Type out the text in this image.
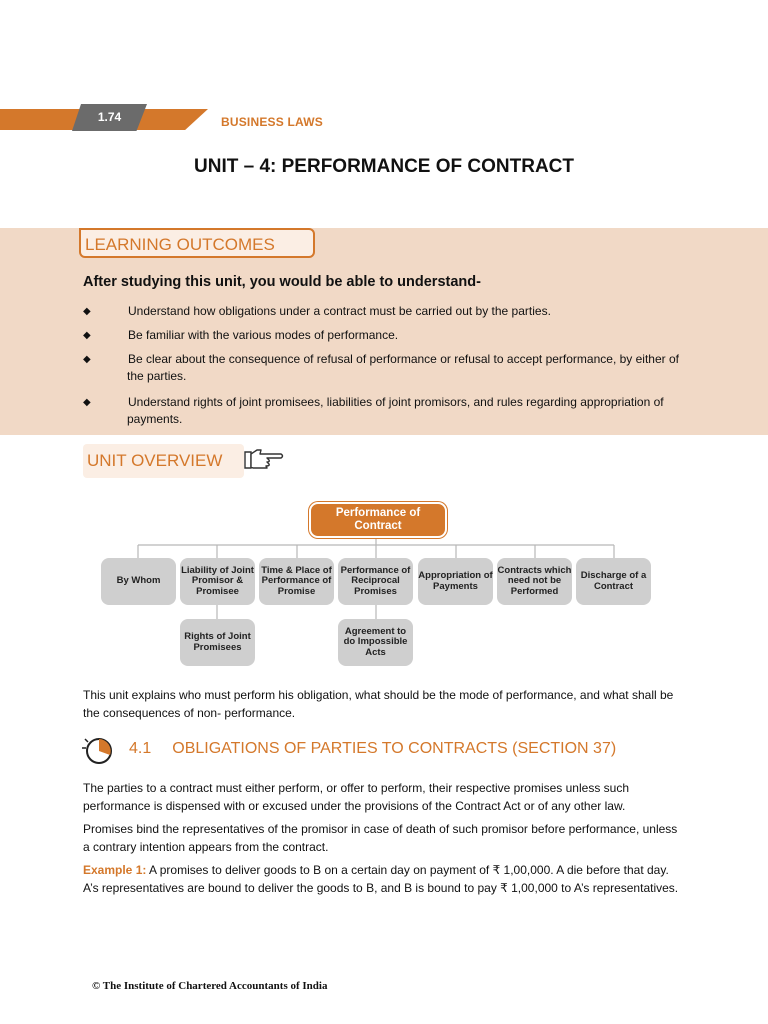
1.74	BUSINESS LAWS
UNIT – 4: PERFORMANCE OF CONTRACT
LEARNING OUTCOMES
After studying this unit, you would be able to understand-
◆	Understand how obligations under a contract must be carried out by the parties.
◆	Be familiar with the various modes of performance.
◆	Be clear about the consequence of refusal of performance or refusal to accept performance, by either of
the parties.
◆	Understand rights of joint promisees, liabilities of joint promisors, and rules regarding appropriation of
payments.
UNIT OVERVIEW
Performance of Contract
By Whom
Liability of Joint Promisor & Promisee
Time & Place of Performance of Promise
Performance of Reciprocal Promises
Appropriation of Payments
Contracts which need not be Performed
Discharge of a Contract
Rights of Joint Promisees
Agreement to do Impossible Acts
This unit explains who must perform his obligation, what should be the mode of performance, and what shall be
the consequences of non- performance.
4.1 OBLIGATIONS OF PARTIES TO CONTRACTS (SECTION 37)
The parties to a contract must either perform, or offer to perform, their respective promises unless such
performance is dispensed with or excused under the provisions of the Contract Act or of any other law.
Promises bind the representatives of the promisor in case of death of such promisor before performance, unless
a contrary intention appears from the contract.
Example 1: A promises to deliver goods to B on a certain day on payment of ₹ 1,00,000. A die before that day.
A’s representatives are bound to deliver the goods to B, and B is bound to pay ₹ 1,00,000 to A’s representatives.
© The Institute of Chartered Accountants of India
